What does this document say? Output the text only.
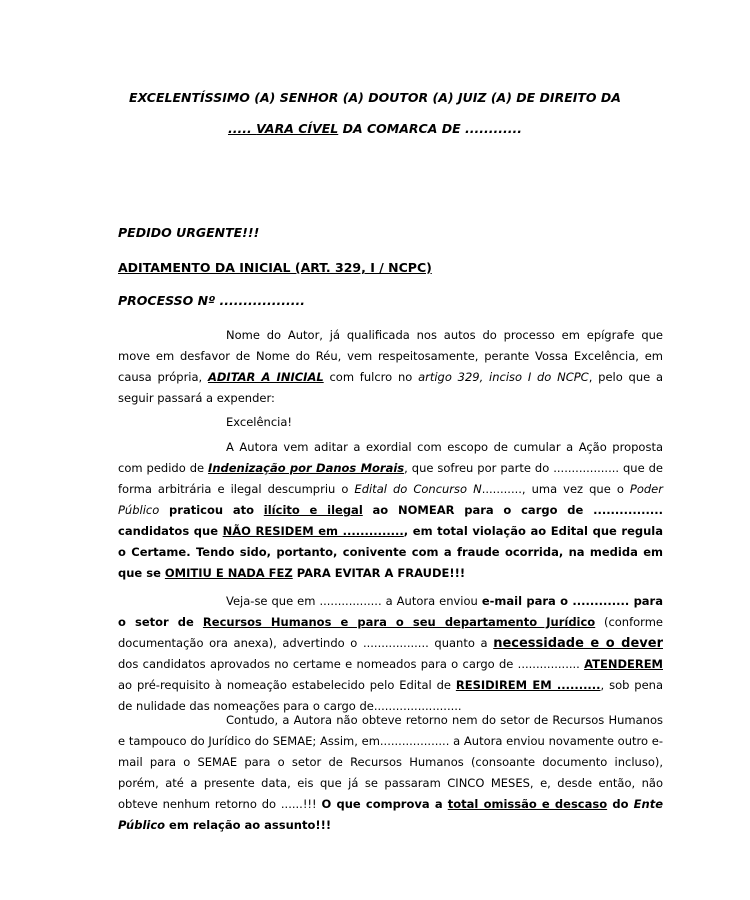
EXCELENTÍSSIMO (A) SENHOR (A) DOUTOR (A) JUIZ (A) DE DIREITO DA
..... VARA CÍVEL DA COMARCA DE ............
PEDIDO URGENTE!!!
ADITAMENTO DA INICIAL (ART. 329, I / NCPC)
PROCESSO Nº ..................
Nome do Autor, já qualificada nos autos do processo em epígrafe que move em desfavor de Nome do Réu, vem respeitosamente, perante Vossa Excelência, em causa própria, ADITAR A INICIAL com fulcro no artigo 329, inciso I do NCPC, pelo que a seguir passará a expender:
Excelência!
A Autora vem aditar a exordial com escopo de cumular a Ação proposta com pedido de Indenização por Danos Morais, que sofreu por parte do .................. que de forma arbitrária e ilegal descumpriu o Edital do Concurso N..........., uma vez que o Poder Público praticou ato ilícito e ilegal ao NOMEAR para o cargo de ................ candidatos que NÃO RESIDEM em .............., em total violação ao Edital que regula o Certame. Tendo sido, portanto, conivente com a fraude ocorrida, na medida em que se OMITIU E NADA FEZ PARA EVITAR A FRAUDE!!!
Veja-se que em ................. a Autora enviou e-mail para o ............. para o setor de Recursos Humanos e para o seu departamento Jurídico (conforme documentação ora anexa), advertindo o .................. quanto a necessidade e o dever dos candidatos aprovados no certame e nomeados para o cargo de ................. ATENDEREM ao pré-requisito à nomeação estabelecido pelo Edital de RESIDIREM EM .........., sob pena de nulidade das nomeações para o cargo de........................
Contudo, a Autora não obteve retorno nem do setor de Recursos Humanos e tampouco do Jurídico do SEMAE; Assim, em................... a Autora enviou novamente outro e-mail para o SEMAE para o setor de Recursos Humanos (consoante documento incluso), porém, até a presente data, eis que já se passaram CINCO MESES, e, desde então, não obteve nenhum retorno do ......!!! O que comprova a total omissão e descaso do Ente Público em relação ao assunto!!!
